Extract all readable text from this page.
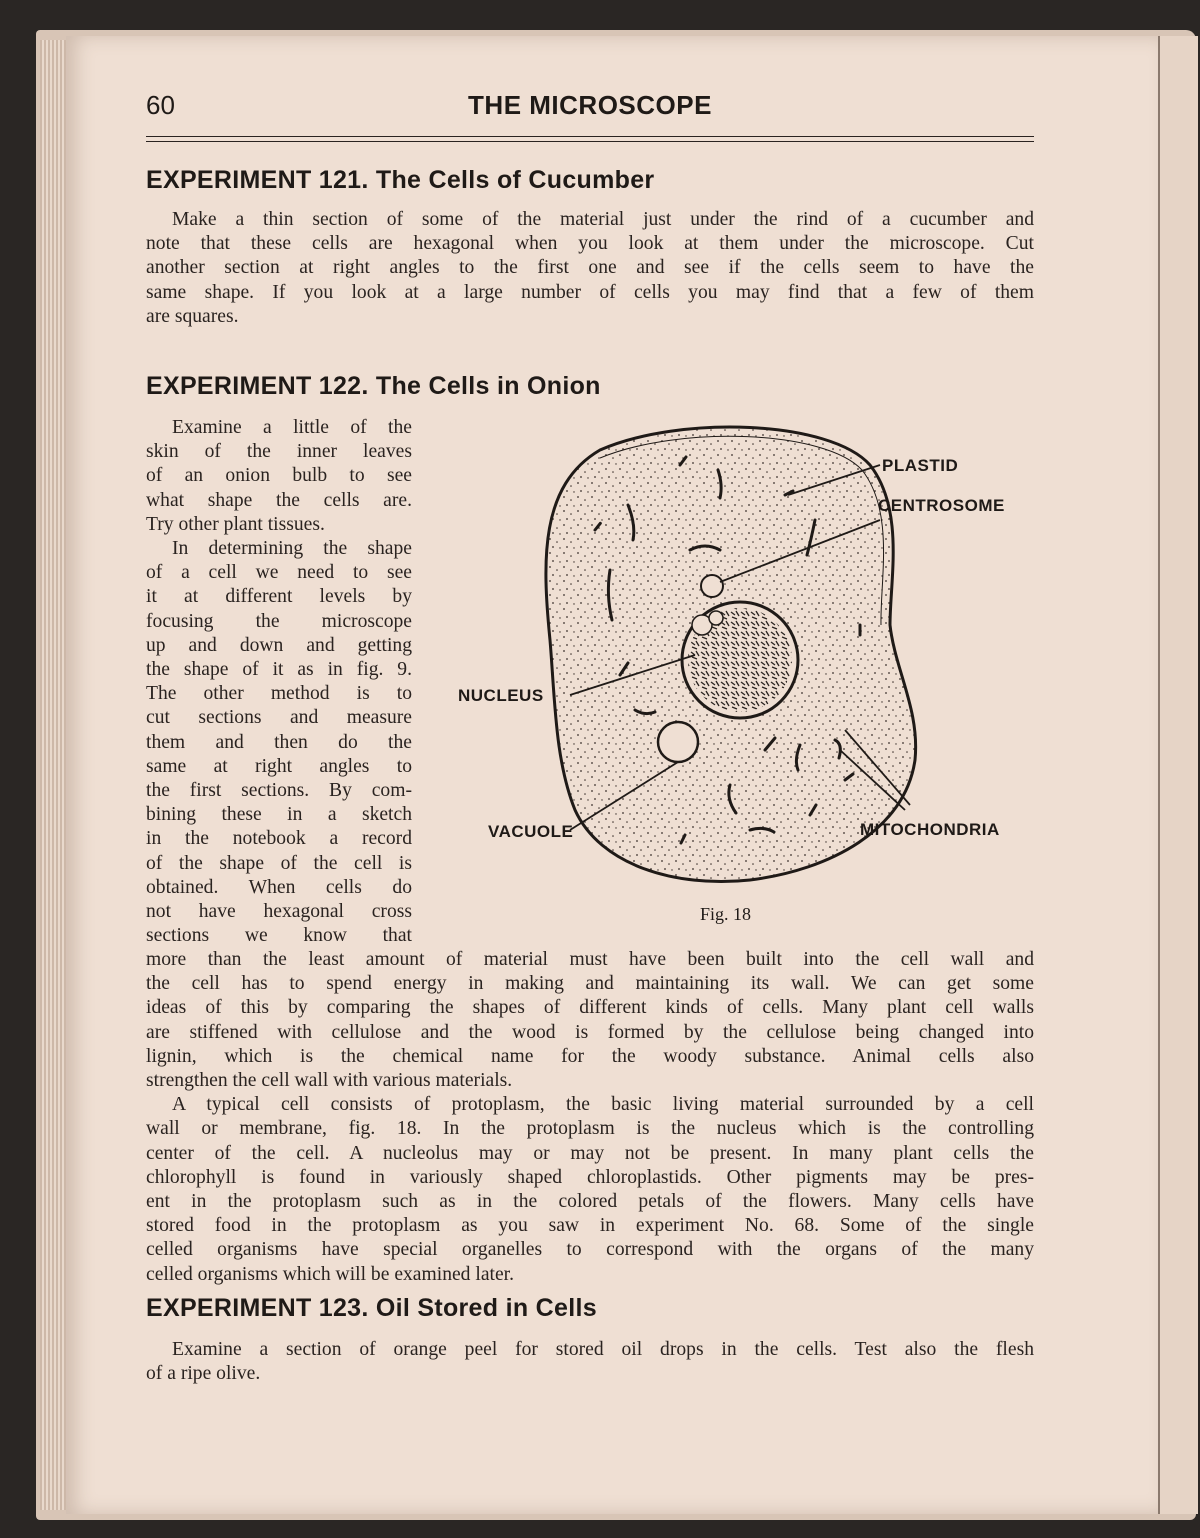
60	THE MICROSCOPE
EXPERIMENT 121. The Cells of Cucumber

Make a thin section of some of the material just under the rind of a cucumber and
note that these cells are hexagonal when you look at them under the microscope. Cut
another section at right angles to the first one and see if the cells seem to have the
same shape. If you look at a large number of cells you may find that a few of them
are squares.

EXPERIMENT 122. The Cells in Onion

Examine a little of the
skin of the inner leaves
of an onion bulb to see
what shape the cells are.
Try other plant tissues.
In determining the shape
of a cell we need to see
it at different levels by
focusing the microscope
up and down and getting
the shape of it as in fig. 9.
The other method is to
cut sections and measure
them and then do the
same at right angles to
the first sections. By com-
bining these in a sketch
in the notebook a record
of the shape of the cell is
obtained. When cells do
not have hexagonal cross
sections we know that

more than the least amount of material must have been built into the cell wall and
the cell has to spend energy in making and maintaining its wall. We can get some
ideas of this by comparing the shapes of different kinds of cells. Many plant cell walls
are stiffened with cellulose and the wood is formed by the cellulose being changed into
lignin, which is the chemical name for the woody substance. Animal cells also
strengthen the cell wall with various materials.
A typical cell consists of protoplasm, the basic living material surrounded by a cell
wall or membrane, fig. 18. In the protoplasm is the nucleus which is the controlling
center of the cell. A nucleolus may or may not be present. In many plant cells the
chlorophyll is found in variously shaped chloroplastids. Other pigments may be pres-
ent in the protoplasm such as in the colored petals of the flowers. Many cells have
stored food in the protoplasm as you saw in experiment No. 68. Some of the single
celled organisms have special organelles to correspond with the organs of the many
celled organisms which will be examined later.

PLASTID
CENTROSOME
NUCLEUS
VACUOLE	MITOCHONDRIA
Fig. 18
EXPERIMENT 123. Oil Stored in Cells

Examine a section of orange peel for stored oil drops in the cells. Test also the flesh
of a ripe olive.
